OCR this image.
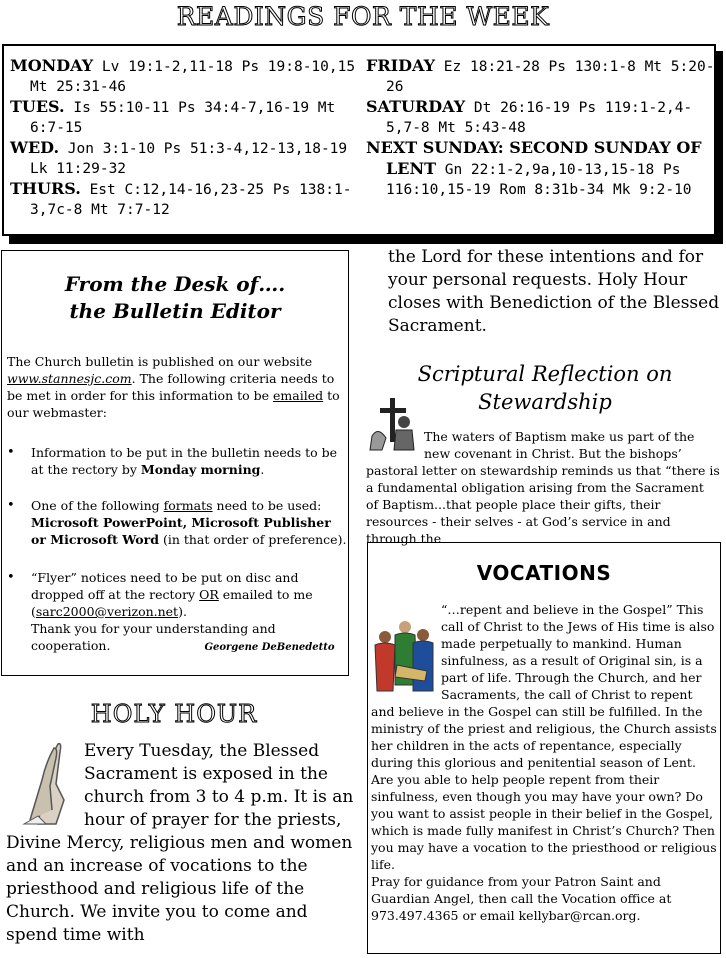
READINGS FOR THE WEEK

MONDAY Lv 19:1-2,11-18 Ps 19:8-10,15 Mt 25:31-46

TUES. Is 55:10-11 Ps 34:4-7,16-19 Mt 6:7-15

WED. Jon 3:1-10 Ps 51:3-4,12-13,18-19 Lk 11:29-32

THURS. Est C:12,14-16,23-25 Ps 138:1-3,7c-8 Mt 7:7-12

FRIDAY Ez 18:21-28 Ps 130:1-8 Mt 5:20-26

SATURDAY Dt 26:16-19 Ps 119:1-2,4-5,7-8 Mt 5:43-48

NEXT SUNDAY: SECOND SUNDAY OF LENT Gn 22:1-2,9a,10-13,15-18 Ps 116:10,15-19 Rom 8:31b-34 Mk 9:2-10

From the Desk of….
the Bulletin Editor
The Church bulletin is published on our website www.stannesjc.com. The following criteria needs to be met in order for this information to be emailed to our webmaster:
• Information to be put in the bulletin needs to be at the rectory by Monday morning.
• One of the following formats need to be used: Microsoft PowerPoint, Microsoft Publisher or Microsoft Word (in that order of preference).
• “Flyer” notices need to be put on disc and dropped off at the rectory OR emailed to me (sarc2000@verizon.net).
Thank you for your understanding and cooperation.	Georgene DeBenedetto
HOLY HOUR
Every Tuesday, the Blessed Sacrament is exposed in the church from 3 to 4 p.m. It is an hour of prayer for the priests, Divine Mercy, religious men and women and an increase of vocations to the priesthood and religious life of the Church. We invite you to come and spend time with
the Lord for these intentions and for your personal requests. Holy Hour closes with Benediction of the Blessed Sacrament.
Scriptural Reflection on Stewardship
The waters of Baptism make us part of the new covenant in Christ. But the bishops’ pastoral letter on stewardship reminds us that “there is a fundamental obligation arising from the Sacrament of Baptism...that people place their gifts, their resources - their selves - at God’s service in and through the
VOCATIONS
“…repent and believe in the Gospel” This call of Christ to the Jews of His time is also made perpetually to mankind. Human sinfulness, as a result of Original sin, is a part of life. Through the Church, and her Sacraments, the call of Christ to repent and believe in the Gospel can still be fulfilled. In the ministry of the priest and religious, the Church assists her children in the acts of repentance, especially during this glorious and penitential season of Lent. Are you able to help people repent from their sinfulness, even though you may have your own? Do you want to assist people in their belief in the Gospel, which is made fully manifest in Christ’s Church? Then you may have a vocation to the priesthood or religious life.
Pray for guidance from your Patron Saint and Guardian Angel, then call the Vocation office at 973.497.4365 or email kellybar@rcan.org.
